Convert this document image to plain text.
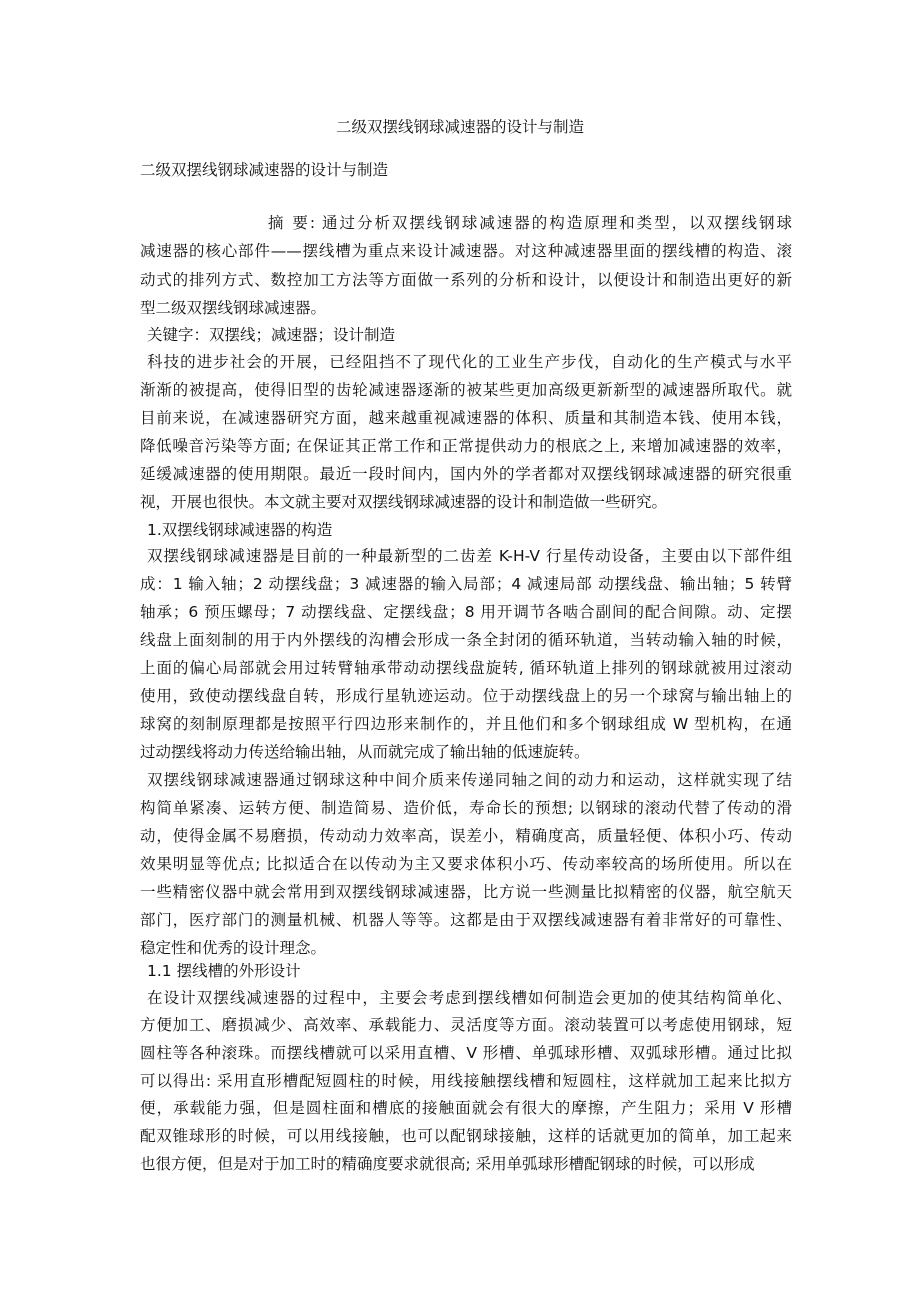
二级双摆线钢球减速器的设计与制造
二级双摆线钢球减速器的设计与制造
摘 要: 通过分析双摆线钢球减速器的构造原理和类型，以双摆线钢球
减速器的核心部件——摆线槽为重点来设计减速器。对这种减速器里面的摆线槽的构造、滚
动式的排列方式、数控加工方法等方面做一系列的分析和设计，以便设计和制造出更好的新
型二级双摆线钢球减速器。
关键字：双摆线；减速器；设计制造
科技的进步社会的开展，已经阻挡不了现代化的工业生产步伐，自动化的生产模式与水平
渐渐的被提高，使得旧型的齿轮减速器逐渐的被某些更加高级更新新型的减速器所取代。就
目前来说，在减速器研究方面，越来越重视减速器的体积、质量和其制造本钱、使用本钱，
降低噪音污染等方面; 在保证其正常工作和正常提供动力的根底之上, 来增加减速器的效率，
延缓减速器的使用期限。最近一段时间内，国内外的学者都对双摆线钢球减速器的研究很重
视，开展也很快。本文就主要对双摆线钢球减速器的设计和制造做一些研究。
1.双摆线钢球减速器的构造
双摆线钢球减速器是目前的一种最新型的二齿差 K-H-V 行星传动设备，主要由以下部件组
成：1 输入轴；2 动摆线盘；3 减速器的输入局部；4 减速局部 动摆线盘、输出轴；5 转臂
轴承；6 预压螺母；7 动摆线盘、定摆线盘；8 用开调节各啮合副间的配合间隙。动、定摆
线盘上面刻制的用于内外摆线的沟槽会形成一条全封闭的循环轨道，当转动输入轴的时候，
上面的偏心局部就会用过转臂轴承带动动摆线盘旋转, 循环轨道上排列的钢球就被用过滚动
使用，致使动摆线盘自转，形成行星轨迹运动。位于动摆线盘上的另一个球窝与输出轴上的
球窝的刻制原理都是按照平行四边形来制作的，并且他们和多个钢球组成 W 型机构，在通
过动摆线将动力传送给输出轴，从而就完成了输出轴的低速旋转。
双摆线钢球减速器通过钢球这种中间介质来传递同轴之间的动力和运动，这样就实现了结
构简单紧凑、运转方便、制造简易、造价低，寿命长的预想; 以钢球的滚动代替了传动的滑
动，使得金属不易磨损，传动动力效率高，误差小，精确度高，质量轻便、体积小巧、传动
效果明显等优点; 比拟适合在以传动为主又要求体积小巧、传动率较高的场所使用。所以在
一些精密仪器中就会常用到双摆线钢球减速器，比方说一些测量比拟精密的仪器，航空航天
部门，医疗部门的测量机械、机器人等等。这都是由于双摆线减速器有着非常好的可靠性、
稳定性和优秀的设计理念。
1.1 摆线槽的外形设计
在设计双摆线减速器的过程中，主要会考虑到摆线槽如何制造会更加的使其结构简单化、
方便加工、磨损减少、高效率、承载能力、灵活度等方面。滚动装置可以考虑使用钢球，短
圆柱等各种滚珠。而摆线槽就可以采用直槽、V 形槽、单弧球形槽、双弧球形槽。通过比拟
可以得出: 采用直形槽配短圆柱的时候，用线接触摆线槽和短圆柱，这样就加工起来比拟方
便，承载能力强，但是圆柱面和槽底的接触面就会有很大的摩擦，产生阻力；采用 V 形槽
配双锥球形的时候，可以用线接触，也可以配钢球接触，这样的话就更加的简单，加工起来
也很方便，但是对于加工时的精确度要求就很高; 采用单弧球形槽配钢球的时候，可以形成
